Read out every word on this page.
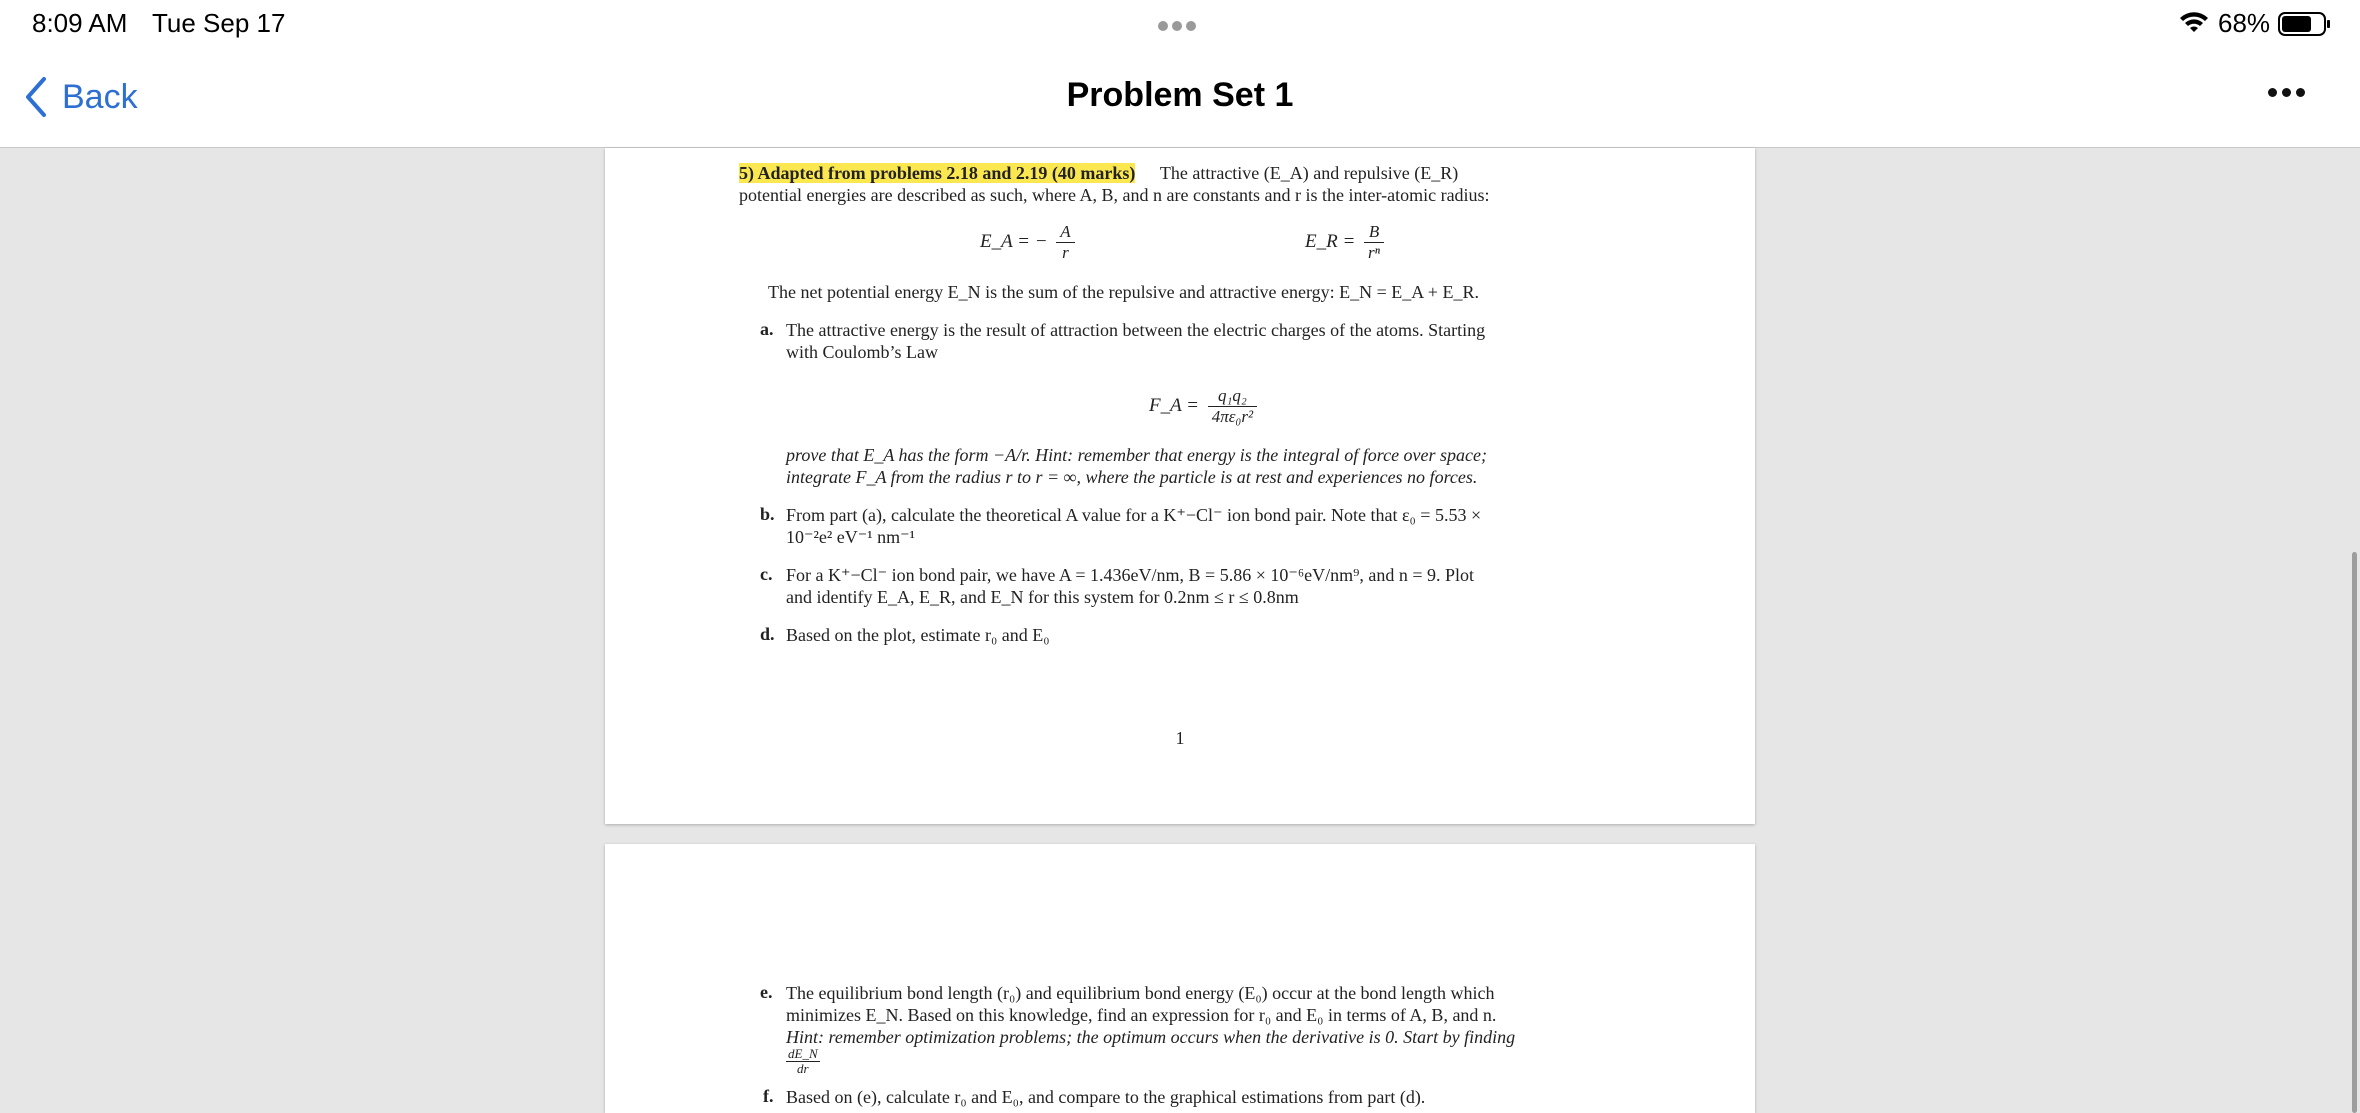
8:09 AM Tue Sep 17	68%
Back	Problem Set 1
5) Adapted from problems 2.18 and 2.19 (40 marks) The attractive (E_A) and repulsive (E_R)
potential energies are described as such, where A, B, and n are constants and r is the inter-atomic radius:
E_A = − $\frac{A}{r}$	E_R = $\frac{B}{\text{rⁿ}}$
The net potential energy E_N is the sum of the repulsive and attractive energy: E_N = E_A + E_R.
a. The attractive energy is the result of attraction between the electric charges of the atoms. Starting
with Coulomb’s Law
F_A = $\frac{\text{q₁q₂}}{\text{4πε₀r²}}$
prove that E_A has the form −A/r. Hint: remember that energy is the integral of force over space;
integrate F_A from the radius r to r = ∞, where the particle is at rest and experiences no forces.
b. From part (a), calculate the theoretical A value for a K⁺−Cl⁻ ion bond pair. Note that ε₀ = 5.53 ×
10⁻²e² eV⁻¹ nm⁻¹
c. For a K⁺−Cl⁻ ion bond pair, we have A = 1.436eV/nm, B = 5.86 × 10⁻⁶eV/nm⁹, and n = 9. Plot
and identify E_A, E_R, and E_N for this system for 0.2nm ≤ r ≤ 0.8nm
d. Based on the plot, estimate r₀ and E₀
1
e. The equilibrium bond length (r₀) and equilibrium bond energy (E₀) occur at the bond length which
minimizes E_N. Based on this knowledge, find an expression for r₀ and E₀ in terms of A, B, and n.
Hint: remember optimization problems; the optimum occurs when the derivative is 0. Start by finding
$\frac{dE\_N}{dr}$
f. Based on (e), calculate r₀ and E₀, and compare to the graphical estimations from part (d).
